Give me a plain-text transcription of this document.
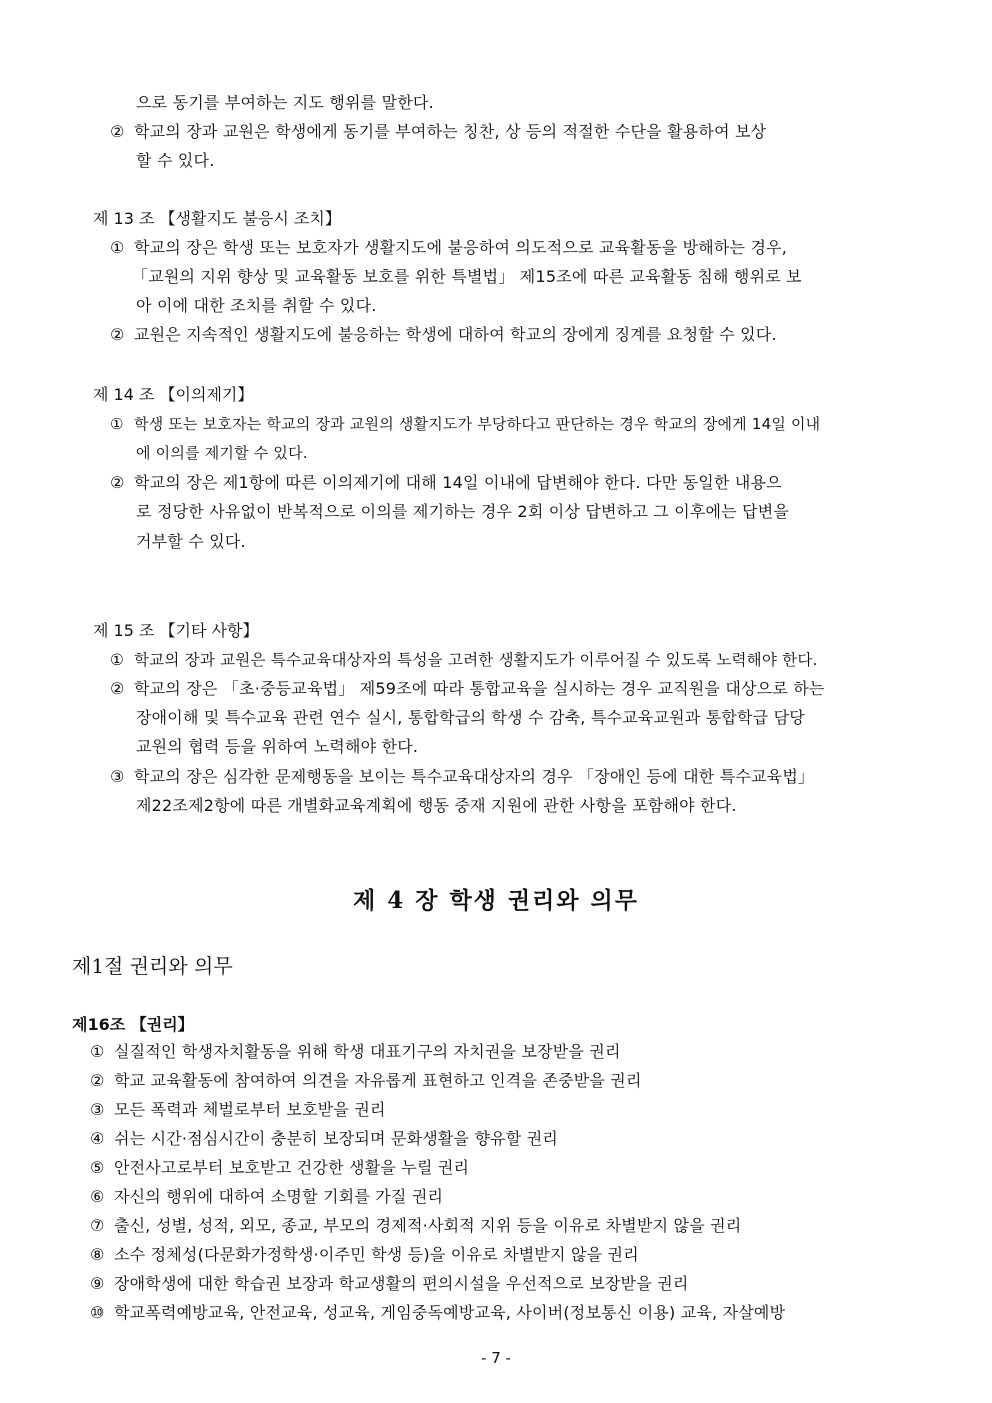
으로 동기를 부여하는 지도 행위를 말한다.
② 학교의 장과 교원은 학생에게 동기를 부여하는 칭찬, 상 등의 적절한 수단을 활용하여 보상
할 수 있다.
제 13 조 【생활지도 불응시 조치】
① 학교의 장은 학생 또는 보호자가 생활지도에 불응하여 의도적으로 교육활동을 방해하는 경우,
「교원의 지위 향상 및 교육활동 보호를 위한 특별법」 제15조에 따른 교육활동 침해 행위로 보
아 이에 대한 조치를 취할 수 있다.
② 교원은 지속적인 생활지도에 불응하는 학생에 대하여 학교의 장에게 징계를 요청할 수 있다.
제 14 조 【이의제기】
① 학생 또는 보호자는 학교의 장과 교원의 생활지도가 부당하다고 판단하는 경우 학교의 장에게 14일 이내
에 이의를 제기할 수 있다.
② 학교의 장은 제1항에 따른 이의제기에 대해 14일 이내에 답변해야 한다. 다만 동일한 내용으
로 정당한 사유없이 반복적으로 이의를 제기하는 경우 2회 이상 답변하고 그 이후에는 답변을
거부할 수 있다.
제 15 조 【기타 사항】
① 학교의 장과 교원은 특수교육대상자의 특성을 고려한 생활지도가 이루어질 수 있도록 노력해야 한다.
② 학교의 장은 「초·중등교육법」 제59조에 따라 통합교육을 실시하는 경우 교직원을 대상으로 하는
장애이해 및 특수교육 관련 연수 실시, 통합학급의 학생 수 감축, 특수교육교원과 통합학급 담당
교원의 협력 등을 위하여 노력해야 한다.
③ 학교의 장은 심각한 문제행동을 보이는 특수교육대상자의 경우 「장애인 등에 대한 특수교육법」
제22조제2항에 따른 개별화교육계획에 행동 중재 지원에 관한 사항을 포함해야 한다.
제 4 장 학생 권리와 의무
제1절 권리와 의무
제16조 【권리】
① 실질적인 학생자치활동을 위해 학생 대표기구의 자치권을 보장받을 권리
② 학교 교육활동에 참여하여 의견을 자유롭게 표현하고 인격을 존중받을 권리
③ 모든 폭력과 체벌로부터 보호받을 권리
④ 쉬는 시간·점심시간이 충분히 보장되며 문화생활을 향유할 권리
⑤ 안전사고로부터 보호받고 건강한 생활을 누릴 권리
⑥ 자신의 행위에 대하여 소명할 기회를 가질 권리
⑦ 출신, 성별, 성적, 외모, 종교, 부모의 경제적·사회적 지위 등을 이유로 차별받지 않을 권리
⑧ 소수 정체성(다문화가정학생·이주민 학생 등)을 이유로 차별받지 않을 권리
⑨ 장애학생에 대한 학습권 보장과 학교생활의 편의시설을 우선적으로 보장받을 권리
⑩ 학교폭력예방교육, 안전교육, 성교육, 게임중독예방교육, 사이버(정보통신 이용) 교육, 자살예방
- 7 -
